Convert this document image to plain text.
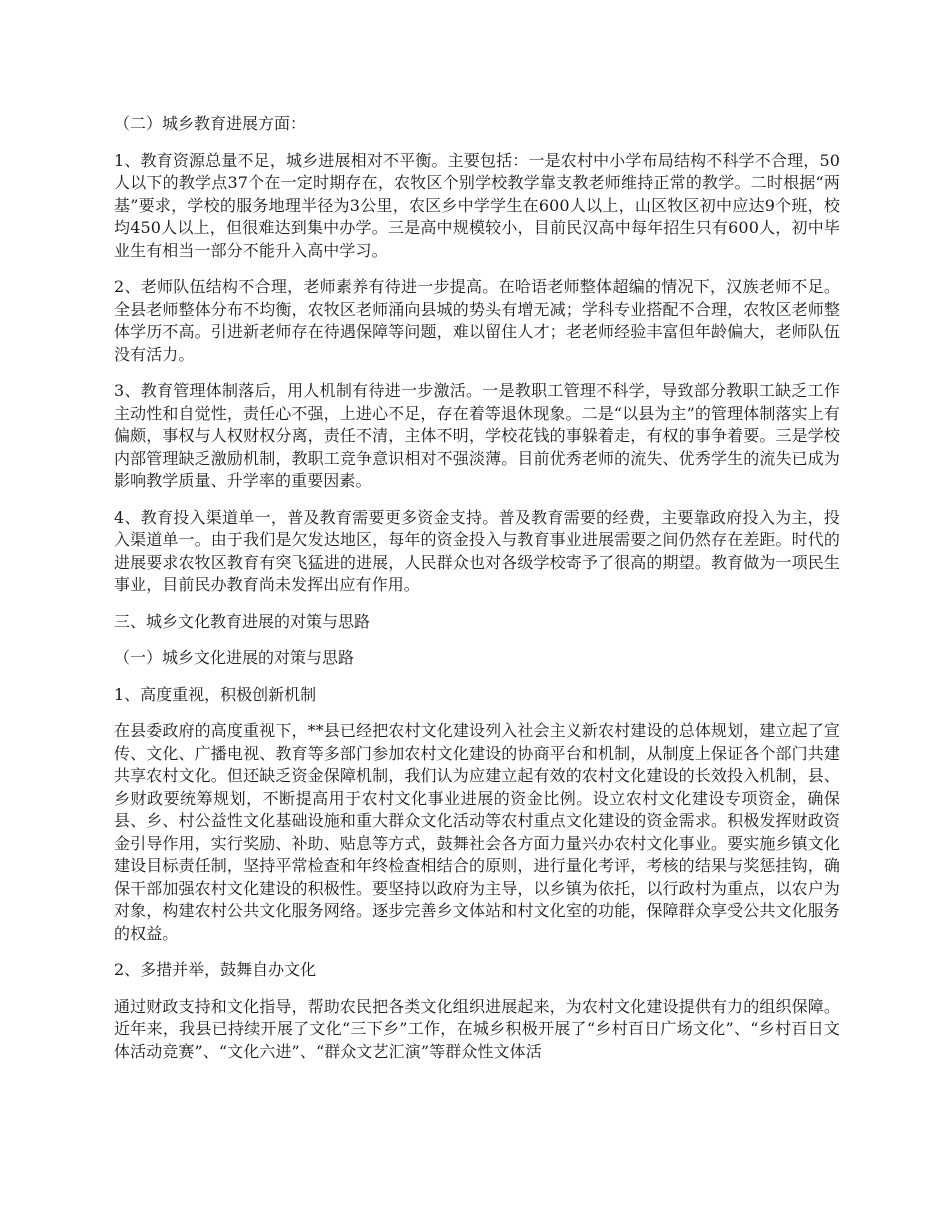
（二）城乡教育进展方面：

1、教育资源总量不足，城乡进展相对不平衡。主要包括：一是农村中小学布局结构不科学不合理，50人以下的教学点37个在一定时期存在，农牧区个别学校教学靠支教老师维持正常的教学。二时根据“两基”要求，学校的服务地理半径为3公里，农区乡中学学生在600人以上，山区牧区初中应达9个班，校均450人以上，但很难达到集中办学。三是高中规模较小，目前民汉高中每年招生只有600人，初中毕业生有相当一部分不能升入高中学习。

2、老师队伍结构不合理，老师素养有待进一步提高。在哈语老师整体超编的情况下，汉族老师不足。全县老师整体分布不均衡，农牧区老师涌向县城的势头有增无减；学科专业搭配不合理，农牧区老师整体学历不高。引进新老师存在待遇保障等问题，难以留住人才；老老师经验丰富但年龄偏大，老师队伍没有活力。

3、教育管理体制落后，用人机制有待进一步激活。一是教职工管理不科学，导致部分教职工缺乏工作主动性和自觉性，责任心不强，上进心不足，存在着等退休现象。二是“以县为主”的管理体制落实上有偏颇，事权与人权财权分离，责任不清，主体不明，学校花钱的事躲着走，有权的事争着要。三是学校内部管理缺乏激励机制，教职工竞争意识相对不强淡薄。目前优秀老师的流失、优秀学生的流失已成为影响教学质量、升学率的重要因素。

4、教育投入渠道单一，普及教育需要更多资金支持。普及教育需要的经费，主要靠政府投入为主，投入渠道单一。由于我们是欠发达地区，每年的资金投入与教育事业进展需要之间仍然存在差距。时代的进展要求农牧区教育有突飞猛进的进展，人民群众也对各级学校寄予了很高的期望。教育做为一项民生事业，目前民办教育尚未发挥出应有作用。

三、城乡文化教育进展的对策与思路

（一）城乡文化进展的对策与思路

1、高度重视，积极创新机制

在县委政府的高度重视下，**县已经把农村文化建设列入社会主义新农村建设的总体规划，建立起了宣传、文化、广播电视、教育等多部门参加农村文化建设的协商平台和机制，从制度上保证各个部门共建共享农村文化。但还缺乏资金保障机制，我们认为应建立起有效的农村文化建设的长效投入机制，县、乡财政要统筹规划，不断提高用于农村文化事业进展的资金比例。设立农村文化建设专项资金，确保县、乡、村公益性文化基础设施和重大群众文化活动等农村重点文化建设的资金需求。积极发挥财政资金引导作用，实行奖励、补助、贴息等方式，鼓舞社会各方面力量兴办农村文化事业。要实施乡镇文化建设目标责任制，坚持平常检查和年终检查相结合的原则，进行量化考评，考核的结果与奖惩挂钩，确保干部加强农村文化建设的积极性。要坚持以政府为主导，以乡镇为依托，以行政村为重点，以农户为对象，构建农村公共文化服务网络。逐步完善乡文体站和村文化室的功能，保障群众享受公共文化服务的权益。

2、多措并举，鼓舞自办文化

通过财政支持和文化指导，帮助农民把各类文化组织进展起来，为农村文化建设提供有力的组织保障。近年来，我县已持续开展了文化“三下乡”工作，在城乡积极开展了“乡村百日广场文化”、“乡村百日文体活动竞赛”、“文化六进”、“群众文艺汇演”等群众性文体活
